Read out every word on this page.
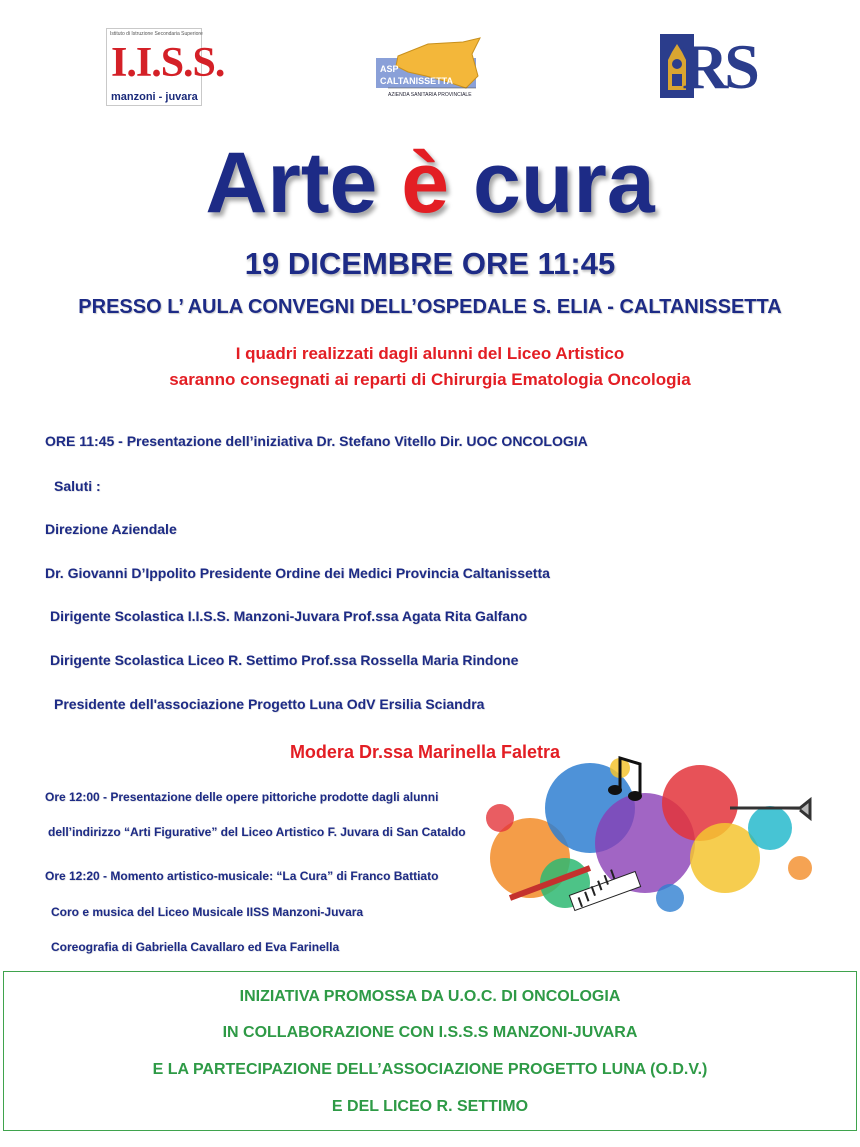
Istituto di Istruzione Secondaria Superiore
I.I.S.S.
manzoni - juvara
ASP
CALTANISSETTA
AZIENDA SANITARIA PROVINCIALE	RS
Arte è cura
19 DICEMBRE ORE 11:45
PRESSO L’ AULA CONVEGNI DELL’OSPEDALE S. ELIA - CALTANISSETTA
I quadri realizzati dagli alunni del Liceo Artistico
saranno consegnati ai reparti di Chirurgia Ematologia Oncologia
ORE 11:45 - Presentazione dell’iniziativa Dr. Stefano Vitello Dir. UOC ONCOLOGIA
Saluti :
Direzione Aziendale
Dr. Giovanni D’Ippolito Presidente Ordine dei Medici Provincia Caltanissetta
Dirigente Scolastica I.I.S.S. Manzoni-Juvara Prof.ssa Agata Rita Galfano
Dirigente Scolastica Liceo R. Settimo Prof.ssa Rossella Maria Rindone
Presidente dell'associazione Progetto Luna OdV Ersilia Sciandra
Modera Dr.ssa Marinella Faletra
Ore 12:00 - Presentazione delle opere pittoriche prodotte dagli alunni
dell’indirizzo “Arti Figurative” del Liceo Artistico F. Juvara di San Cataldo
Ore 12:20 - Momento artistico-musicale: “La Cura” di Franco Battiato
Coro e musica del Liceo Musicale IISS Manzoni-Juvara
Coreografia di Gabriella Cavallaro ed Eva Farinella
INIZIATIVA PROMOSSA DA U.O.C. DI ONCOLOGIA
IN COLLABORAZIONE CON I.S.S.S MANZONI-JUVARA
E LA PARTECIPAZIONE DELL’ASSOCIAZIONE PROGETTO LUNA (O.D.V.)
E DEL LICEO R. SETTIMO
